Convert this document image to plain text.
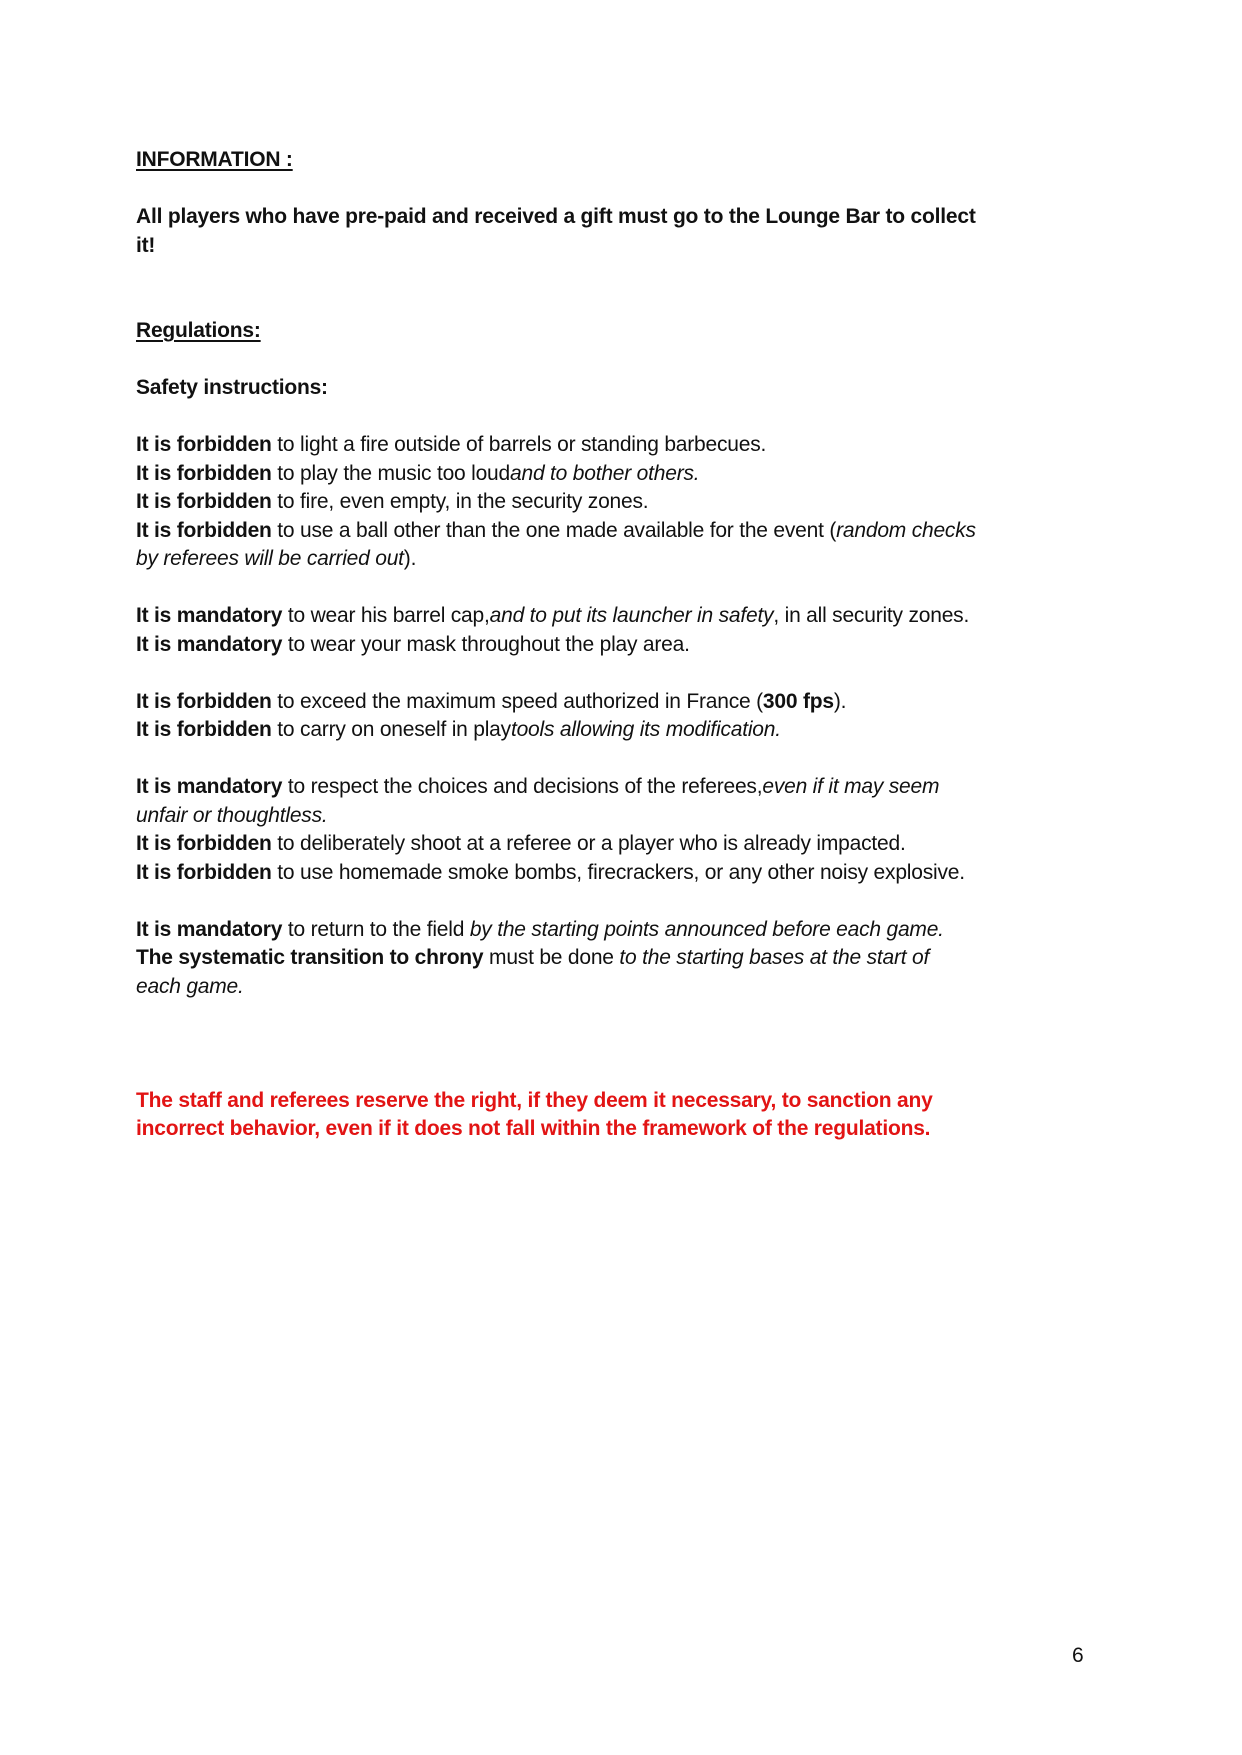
INFORMATION :
All players who have pre-paid and received a gift must go to the Lounge Bar to collect
it!
Regulations:
Safety instructions:
It is forbidden to light a fire outside of barrels or standing barbecues.
It is forbidden to play the music too loudand to bother others.
It is forbidden to fire, even empty, in the security zones.
It is forbidden to use a ball other than the one made available for the event (random checks
by referees will be carried out).
It is mandatory to wear his barrel cap,and to put its launcher in safety, in all security zones.
It is mandatory to wear your mask throughout the play area.
It is forbidden to exceed the maximum speed authorized in France (300 fps).
It is forbidden to carry on oneself in playtools allowing its modification.
It is mandatory to respect the choices and decisions of the referees,even if it may seem
unfair or thoughtless.
It is forbidden to deliberately shoot at a referee or a player who is already impacted.
It is forbidden to use homemade smoke bombs, firecrackers, or any other noisy explosive.
It is mandatory to return to the field by the starting points announced before each game.
The systematic transition to chrony must be done to the starting bases at the start of
each game.
The staff and referees reserve the right, if they deem it necessary, to sanction any
incorrect behavior, even if it does not fall within the framework of the regulations.
6
